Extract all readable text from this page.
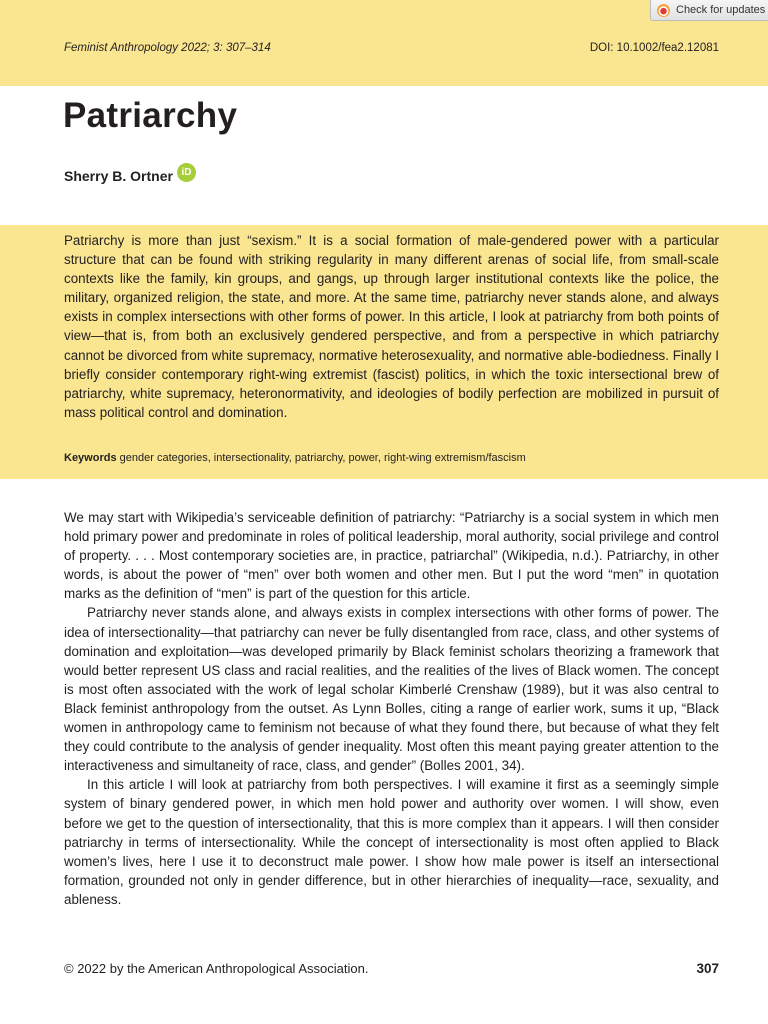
Check for updates
Feminist Anthropology 2022; 3: 307–314	DOI: 10.1002/fea2.12081
Patriarchy
Sherry B. Ortner iD

Patriarchy is more than just “sexism.” It is a social formation of male-gendered power with a particular structure that can be found with striking regularity in many different arenas of social life, from small-scale contexts like the family, kin groups, and gangs, up through larger institutional contexts like the police, the military, organized religion, the state, and more. At the same time, patriarchy never stands alone, and always exists in complex intersections with other forms of power. In this article, I look at patriarchy from both points of view—that is, from both an exclusively gendered perspective, and from a perspective in which patriarchy cannot be divorced from white supremacy, normative heterosexuality, and normative able-bodiedness. Finally I briefly consider contemporary right-wing extremist (fascist) politics, in which the toxic intersectional brew of patriarchy, white supremacy, heteronormativity, and ideologies of bodily perfection are mobilized in pursuit of mass political control and domination.

Keywords gender categories, intersectionality, patriarchy, power, right-wing extremism/fascism

We may start with Wikipedia’s serviceable definition of patriarchy: “Patriarchy is a social system in which men hold primary power and predominate in roles of political leadership, moral authority, social privilege and control of property. . . . Most contemporary societies are, in practice, patriarchal” (Wikipedia, n.d.). Patriarchy, in other words, is about the power of “men” over both women and other men. But I put the word “men” in quotation marks as the definition of “men” is part of the question for this article.

Patriarchy never stands alone, and always exists in complex intersections with other forms of power. The idea of intersectionality—that patriarchy can never be fully disentangled from race, class, and other systems of domination and exploitation—was developed primarily by Black feminist scholars theorizing a framework that would better represent US class and racial realities, and the realities of the lives of Black women. The concept is most often associated with the work of legal scholar Kimberlé Crenshaw (1989), but it was also central to Black feminist anthropology from the outset. As Lynn Bolles, citing a range of earlier work, sums it up, “Black women in anthropology came to feminism not because of what they found there, but because of what they felt they could contribute to the analysis of gender inequality. Most often this meant paying greater attention to the interactiveness and simultaneity of race, class, and gender” (Bolles 2001, 34).

In this article I will look at patriarchy from both perspectives. I will examine it first as a seemingly simple system of binary gendered power, in which men hold power and authority over women. I will show, even before we get to the question of intersectionality, that this is more complex than it appears. I will then consider patriarchy in terms of intersectionality. While the concept of intersectionality is most often applied to Black women’s lives, here I use it to deconstruct male power. I show how male power is itself an intersectional formation, grounded not only in gender difference, but in other hierarchies of inequality—race, sexuality, and ableness.

© 2022 by the American Anthropological Association.	307
